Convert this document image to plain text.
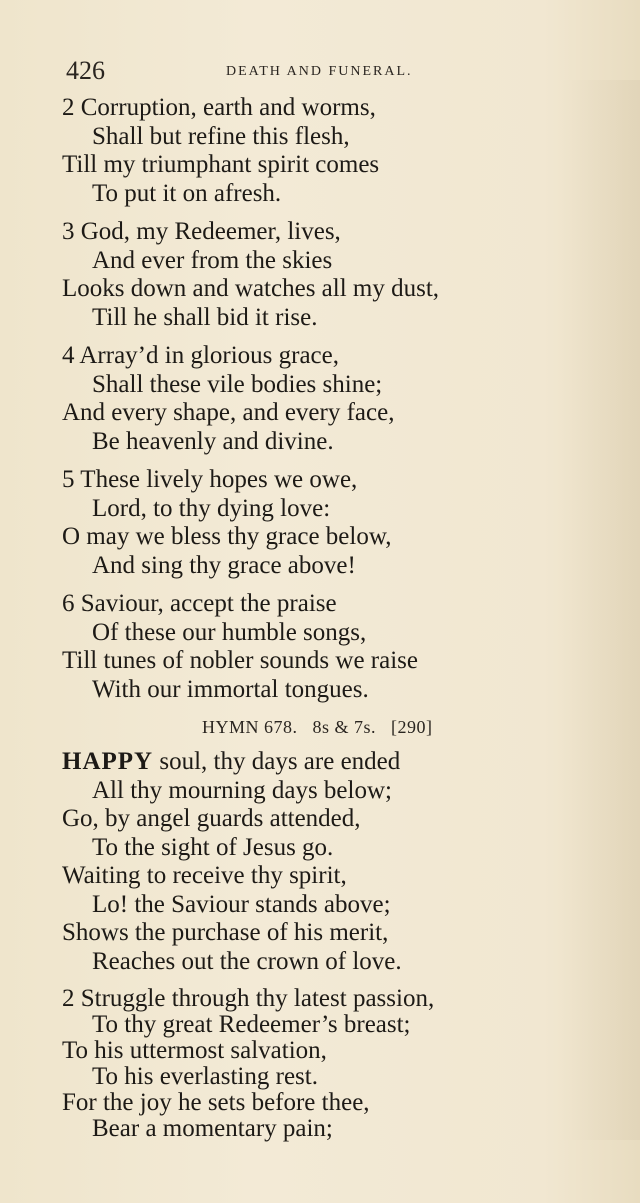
426	DEATH AND FUNERAL.
2 Corruption, earth and worms,
Shall but refine this flesh,
Till my triumphant spirit comes
To put it on afresh.
3 God, my Redeemer, lives,
And ever from the skies
Looks down and watches all my dust,
Till he shall bid it rise.
4 Array’d in glorious grace,
Shall these vile bodies shine;
And every shape, and every face,
Be heavenly and divine.
5 These lively hopes we owe,
Lord, to thy dying love:
O may we bless thy grace below,
And sing thy grace above!
6 Saviour, accept the praise
Of these our humble songs,
Till tunes of nobler sounds we raise
With our immortal tongues.
HYMN 678. 8s & 7s. [290]
HAPPY soul, thy days are ended
All thy mourning days below;
Go, by angel guards attended,
To the sight of Jesus go.
Waiting to receive thy spirit,
Lo! the Saviour stands above;
Shows the purchase of his merit,
Reaches out the crown of love.
2 Struggle through thy latest passion,
To thy great Redeemer’s breast;
To his uttermost salvation,
To his everlasting rest.
For the joy he sets before thee,
Bear a momentary pain;
